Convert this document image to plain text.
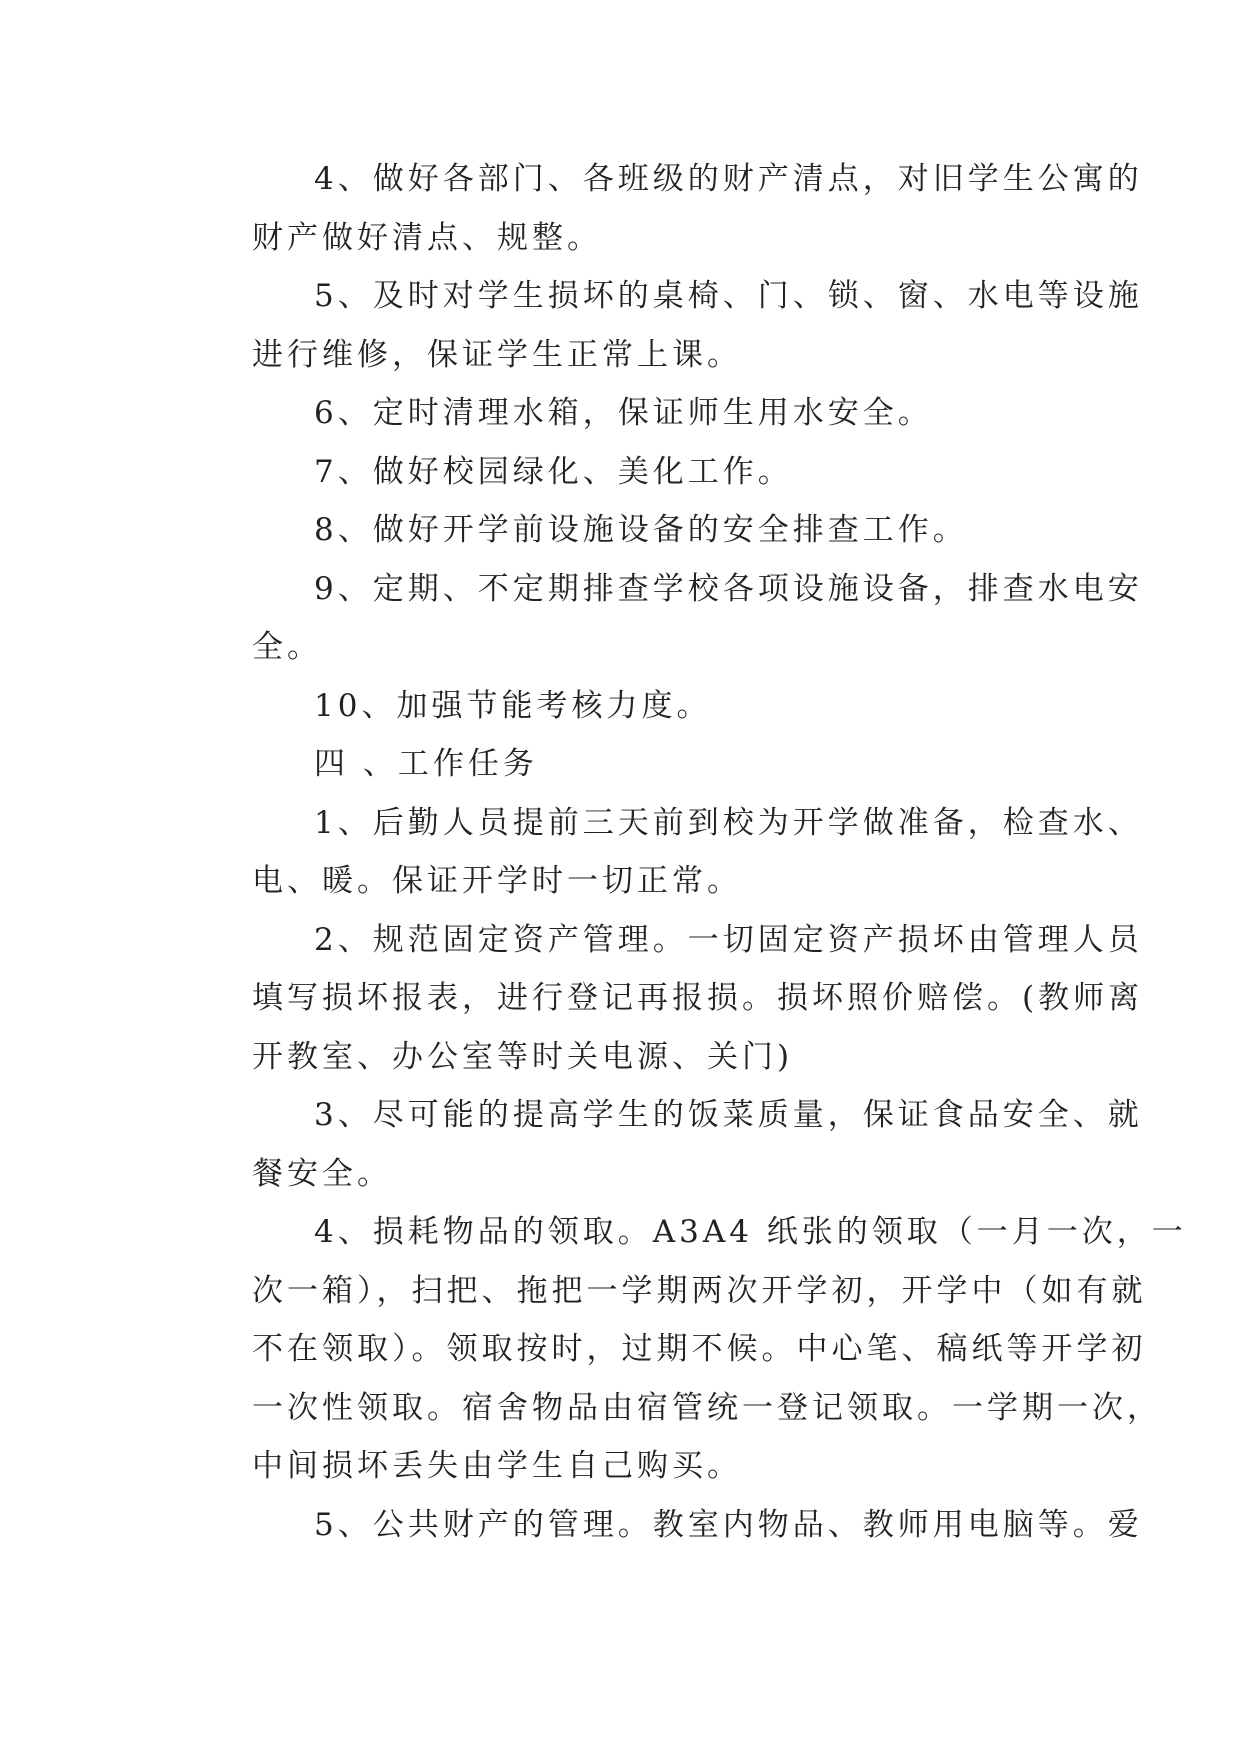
4、做好各部门、各班级的财产清点，对旧学生公寓的
财产做好清点、规整。
5、及时对学生损坏的桌椅、门、锁、窗、水电等设施
进行维修，保证学生正常上课。
6、定时清理水箱，保证师生用水安全。
7、做好校园绿化、美化工作。
8、做好开学前设施设备的安全排查工作。
9、定期、不定期排查学校各项设施设备，排查水电安
全。
10、加强节能考核力度。
四 、工作任务
1、后勤人员提前三天前到校为开学做准备，检查水、
电、暖。保证开学时一切正常。
2、规范固定资产管理。一切固定资产损坏由管理人员
填写损坏报表，进行登记再报损。损坏照价赔偿。(教师离
开教室、办公室等时关电源、关门)
3、尽可能的提高学生的饭菜质量，保证食品安全、就
餐安全。
4、损耗物品的领取。A3A4 纸张的领取（一月一次，一
次一箱），扫把、拖把一学期两次开学初，开学中（如有就
不在领取）。领取按时，过期不候。中心笔、稿纸等开学初
一次性领取。宿舍物品由宿管统一登记领取。一学期一次，
中间损坏丢失由学生自己购买。
5、公共财产的管理。教室内物品、教师用电脑等。爱
